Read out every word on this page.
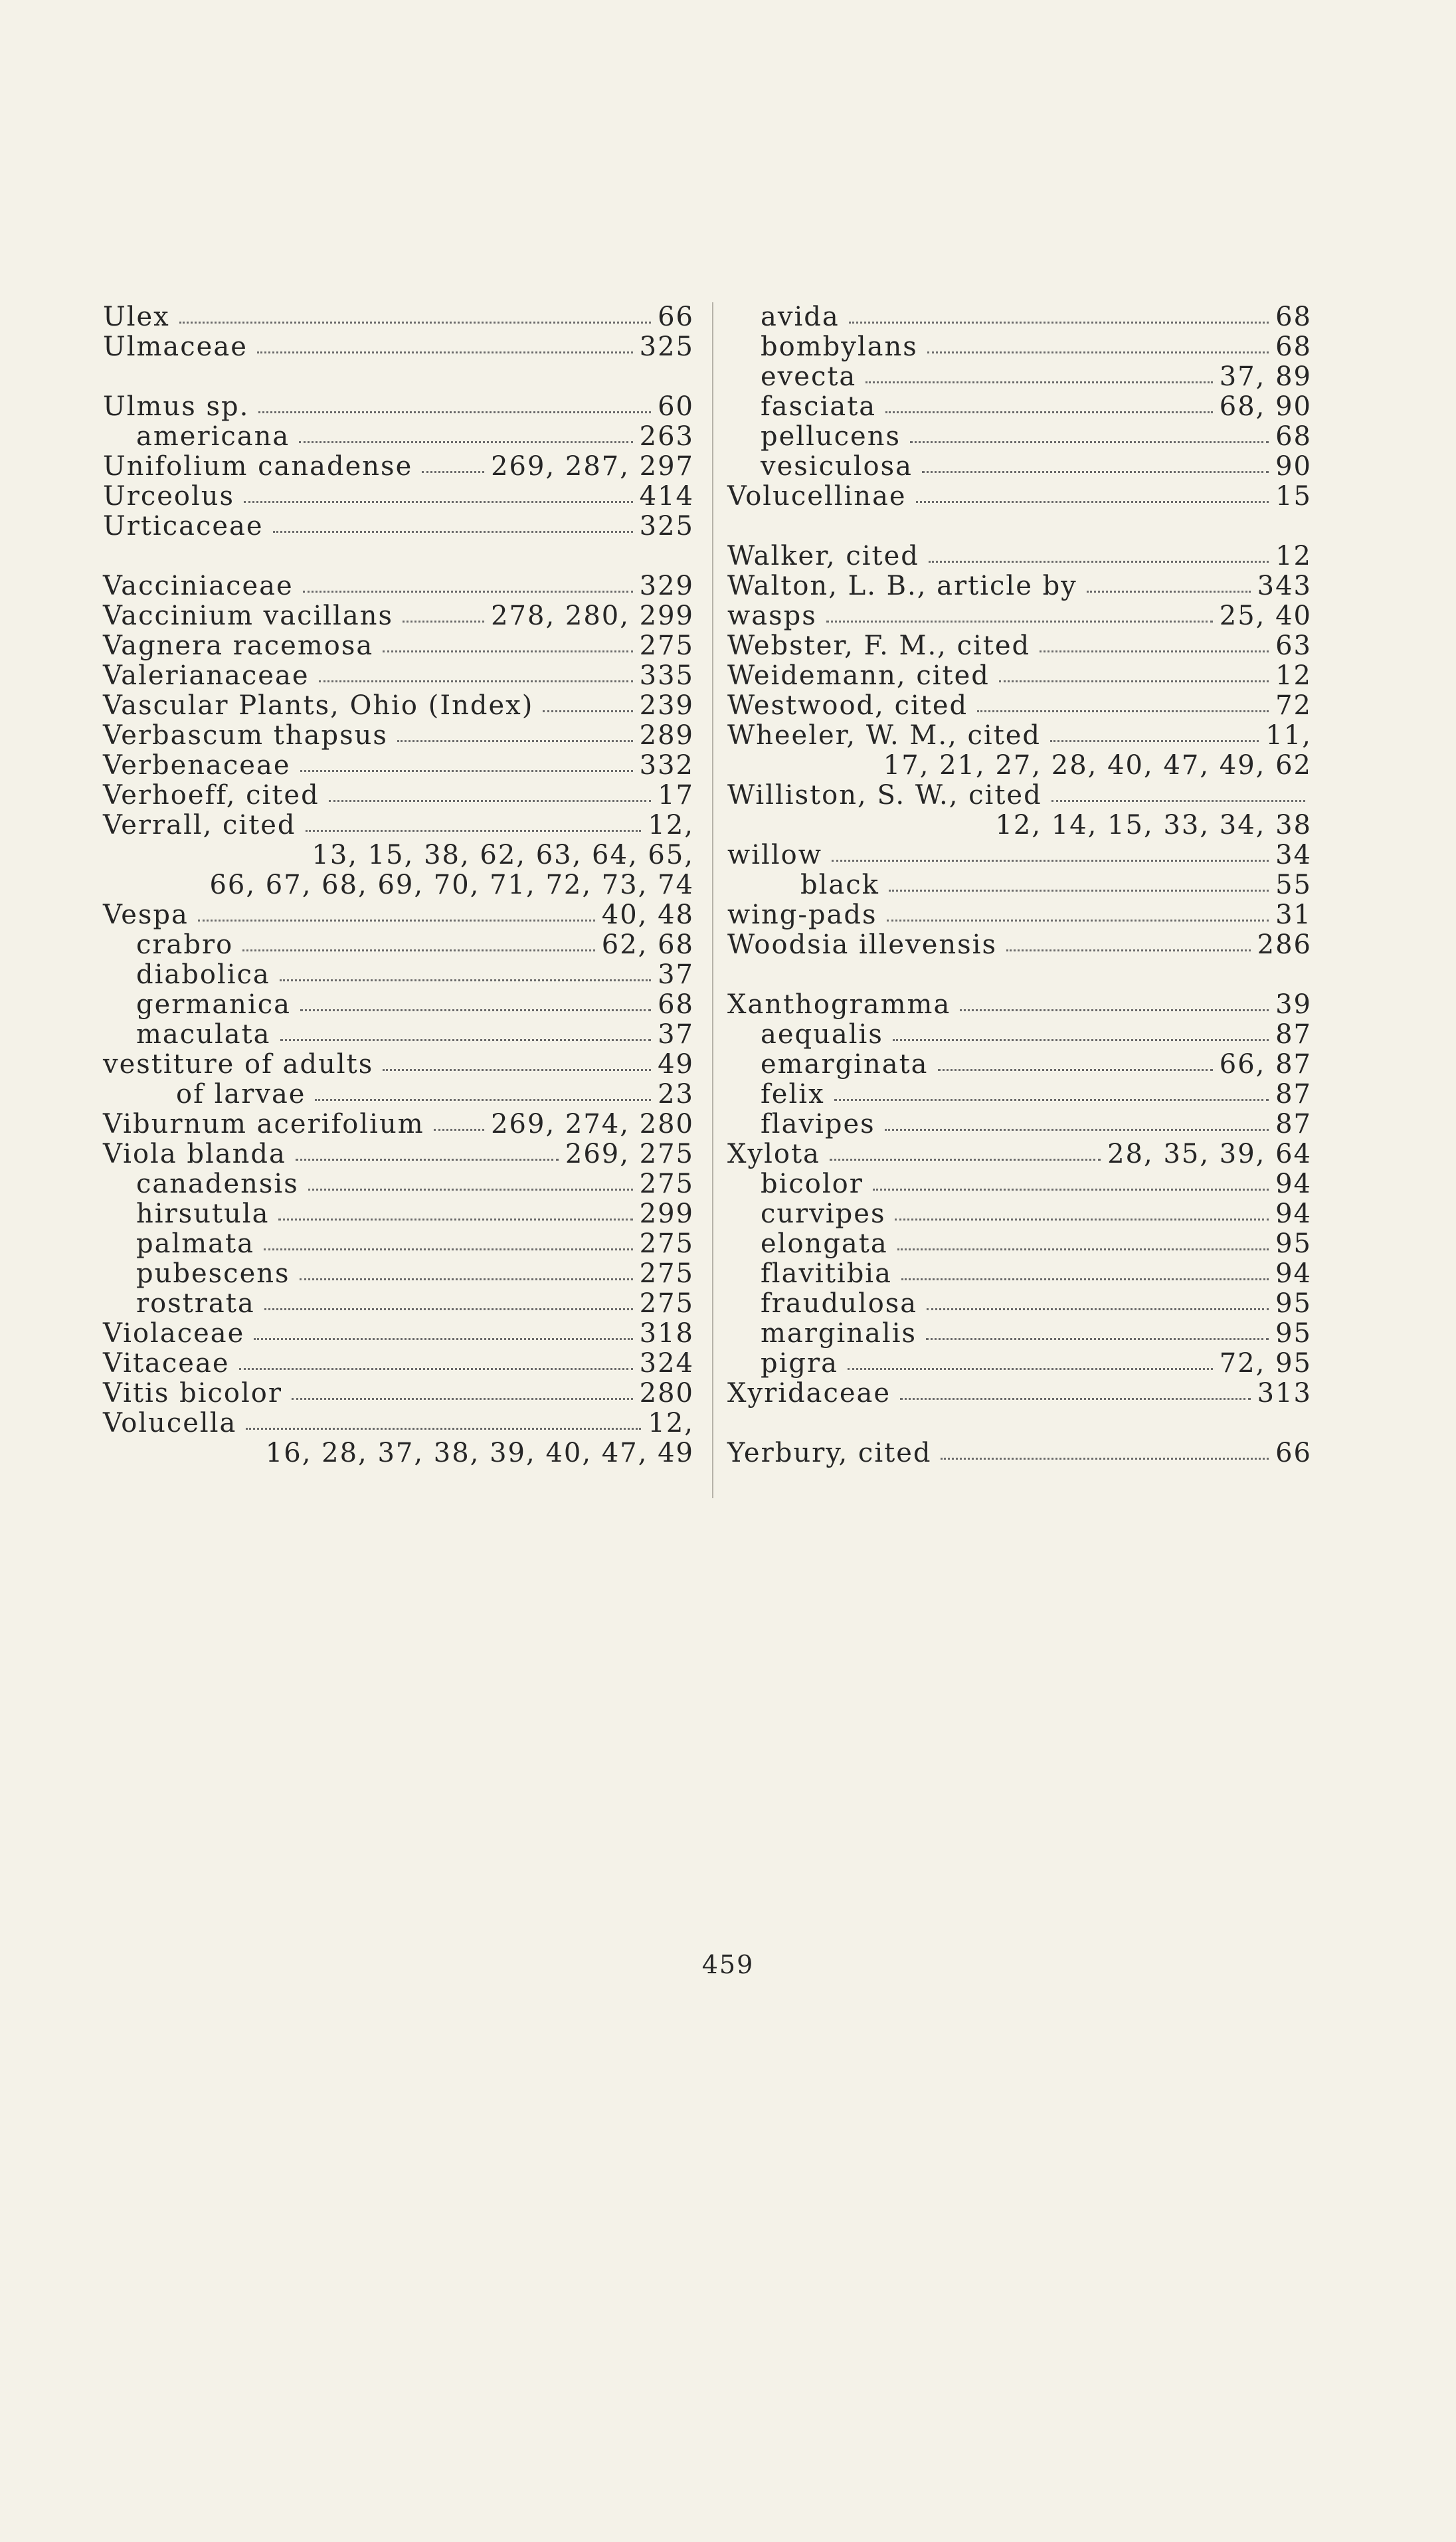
Ulex	66
Ulmaceae	325
Ulmus sp.	60
americana	263
Unifolium canadense	269, 287, 297
Urceolus	414
Urticaceae	325
Vacciniaceae	329
Vaccinium vacillans	278, 280, 299
Vagnera racemosa	275
Valerianaceae	335
Vascular Plants, Ohio (Index)	239
Verbascum thapsus	289
Verbenaceae	332
Verhoeff, cited	17
Verrall, cited	12,
13, 15, 38, 62, 63, 64, 65,
66, 67, 68, 69, 70, 71, 72, 73, 74
Vespa	40, 48
crabro	62, 68
diabolica	37
germanica	68
maculata	37
vestiture of adults	49
of larvae	23
Viburnum acerifolium	269, 274, 280
Viola blanda	269, 275
canadensis	275
hirsutula	299
palmata	275
pubescens	275
rostrata	275
Violaceae	318
Vitaceae	324
Vitis bicolor	280
Volucella	12,
16, 28, 37, 38, 39, 40, 47, 49
avida	68
bombylans	68
evecta	37, 89
fasciata	68, 90
pellucens	68
vesiculosa	90
Volucellinae	15
Walker, cited	12
Walton, L. B., article by	343
wasps	25, 40
Webster, F. M., cited	63
Weidemann, cited	12
Westwood, cited	72
Wheeler, W. M., cited	11,
17, 21, 27, 28, 40, 47, 49, 62
Williston, S. W., cited
12, 14, 15, 33, 34, 38
willow	34
black	55
wing-pads	31
Woodsia illevensis	286
Xanthogramma	39
aequalis	87
emarginata	66, 87
felix	87
flavipes	87
Xylota	28, 35, 39, 64
bicolor	94
curvipes	94
elongata	95
flavitibia	94
fraudulosa	95
marginalis	95
pigra	72, 95
Xyridaceae	313
Yerbury, cited	66
459
